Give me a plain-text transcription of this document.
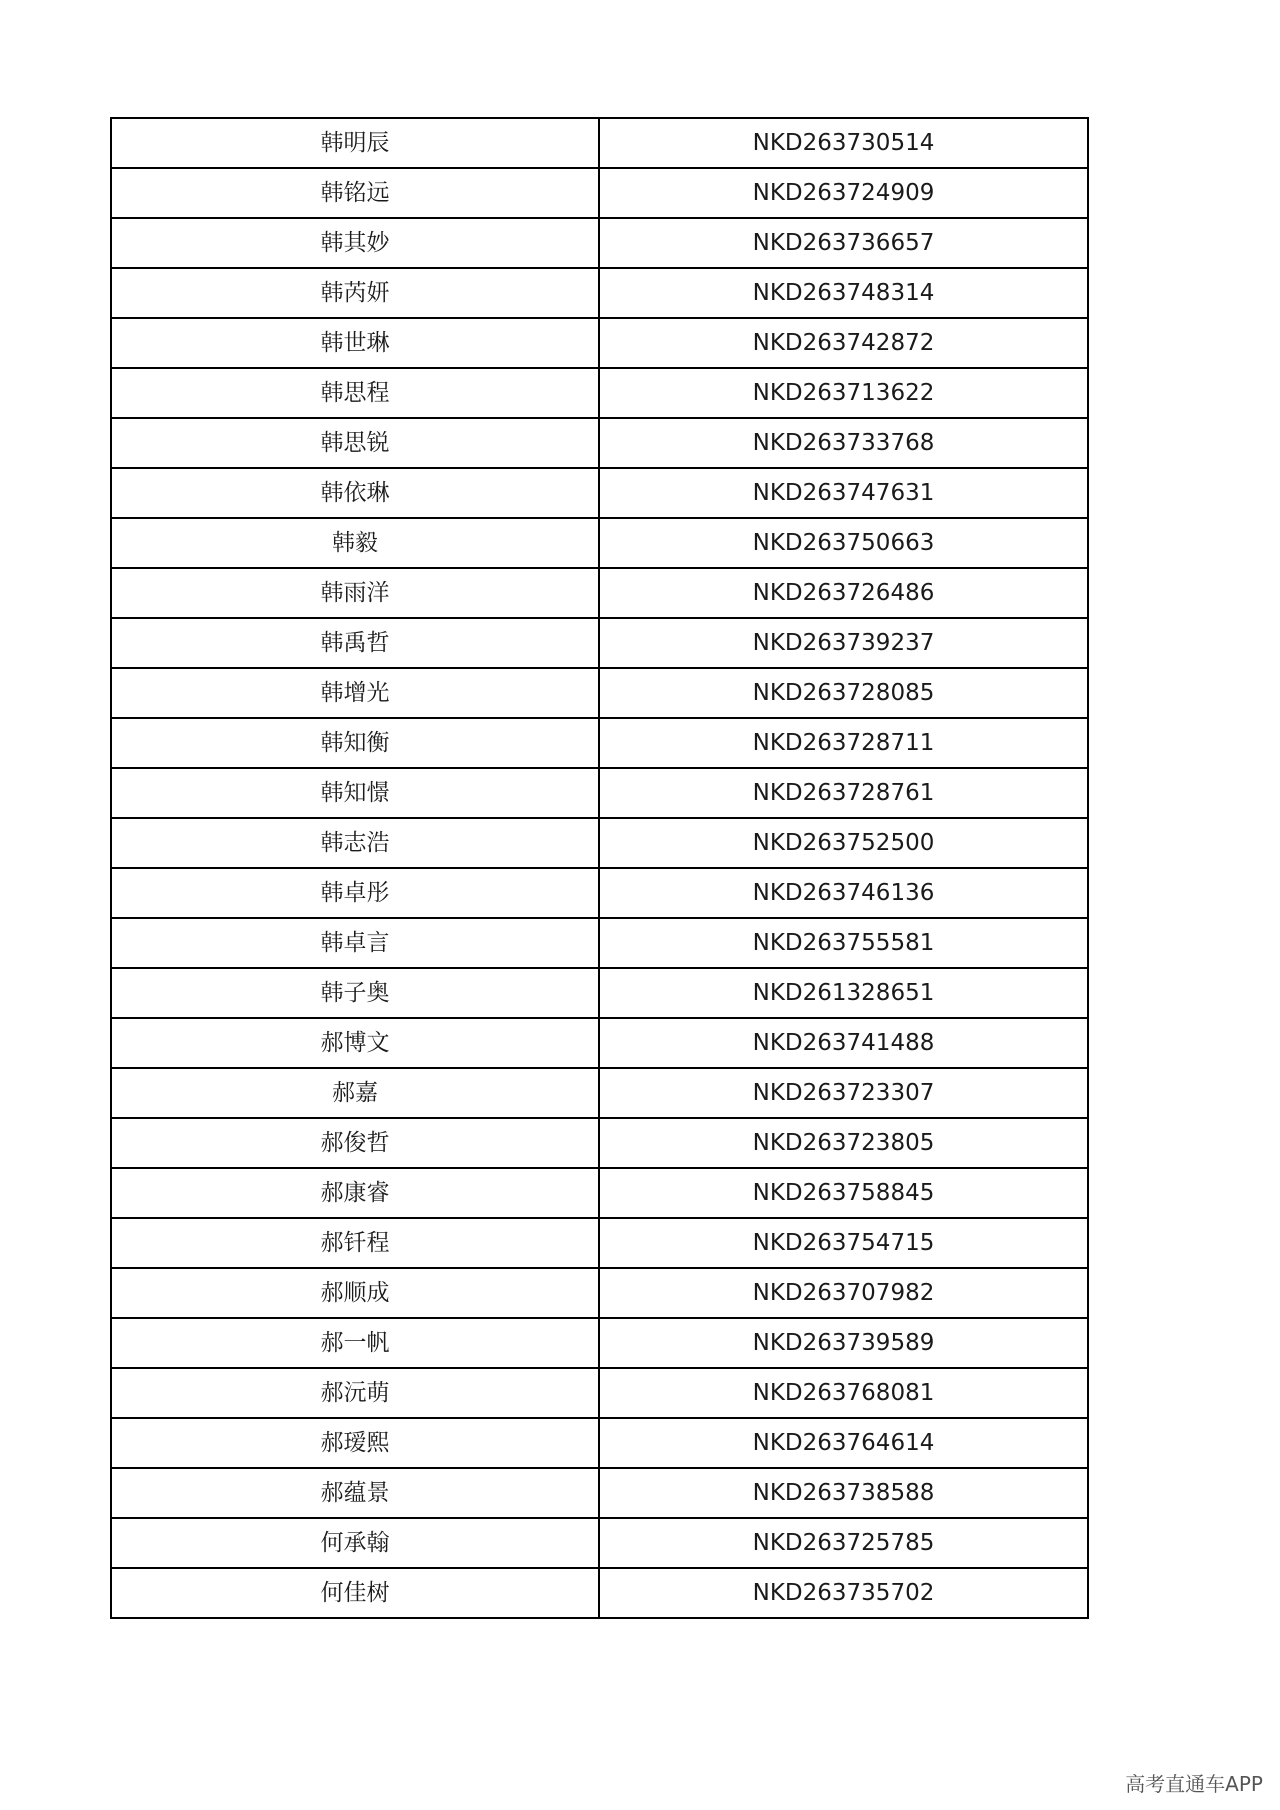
韩明辰	NKD263730514
韩铭远	NKD263724909
韩其妙	NKD263736657
韩芮妍	NKD263748314
韩世琳	NKD263742872
韩思程	NKD263713622
韩思锐	NKD263733768
韩依琳	NKD263747631
韩毅	NKD263750663
韩雨洋	NKD263726486
韩禹哲	NKD263739237
韩增光	NKD263728085
韩知衡	NKD263728711
韩知憬	NKD263728761
韩志浩	NKD263752500
韩卓彤	NKD263746136
韩卓言	NKD263755581
韩子奥	NKD261328651
郝博文	NKD263741488
郝嘉	NKD263723307
郝俊哲	NKD263723805
郝康睿	NKD263758845
郝钎程	NKD263754715
郝顺成	NKD263707982
郝一帆	NKD263739589
郝沅萌	NKD263768081
郝瑷熙	NKD263764614
郝蕴景	NKD263738588
何承翰	NKD263725785
何佳树	NKD263735702
高考直通车APP
